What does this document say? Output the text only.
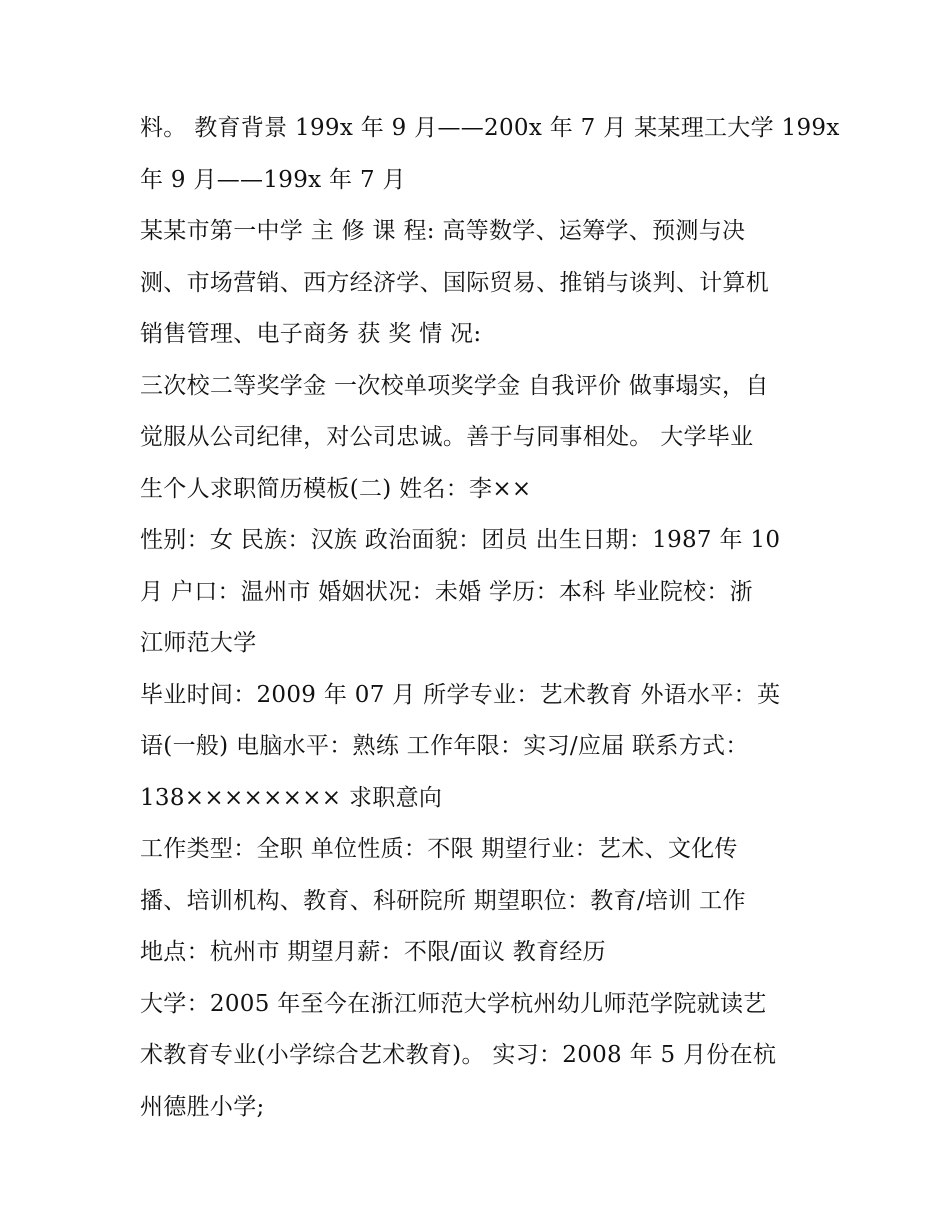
料。 教育背景 199x 年 9 月——200x 年 7 月 某某理工大学 199x
年 9 月——199x 年 7 月
某某市第一中学 主 修 课 程: 高等数学、运筹学、预测与决
测、市场营销、西方经济学、国际贸易、推销与谈判、计算机
销售管理、电子商务 获 奖 情 况:
三次校二等奖学金 一次校单项奖学金 自我评价 做事塌实，自
觉服从公司纪律，对公司忠诚。善于与同事相处。 大学毕业
生个人求职简历模板(二) 姓名：李××
性别：女 民族：汉族 政治面貌：团员 出生日期：1987 年 10
月 户口：温州市 婚姻状况：未婚 学历：本科 毕业院校：浙
江师范大学
毕业时间：2009 年 07 月 所学专业：艺术教育 外语水平：英
语(一般) 电脑水平：熟练 工作年限：实习/应届 联系方式：
138×××××××× 求职意向
工作类型：全职 单位性质：不限 期望行业：艺术、文化传
播、培训机构、教育、科研院所 期望职位：教育/培训 工作
地点：杭州市 期望月薪：不限/面议 教育经历
大学：2005 年至今在浙江师范大学杭州幼儿师范学院就读艺
术教育专业(小学综合艺术教育)。 实习：2008 年 5 月份在杭
州德胜小学;
